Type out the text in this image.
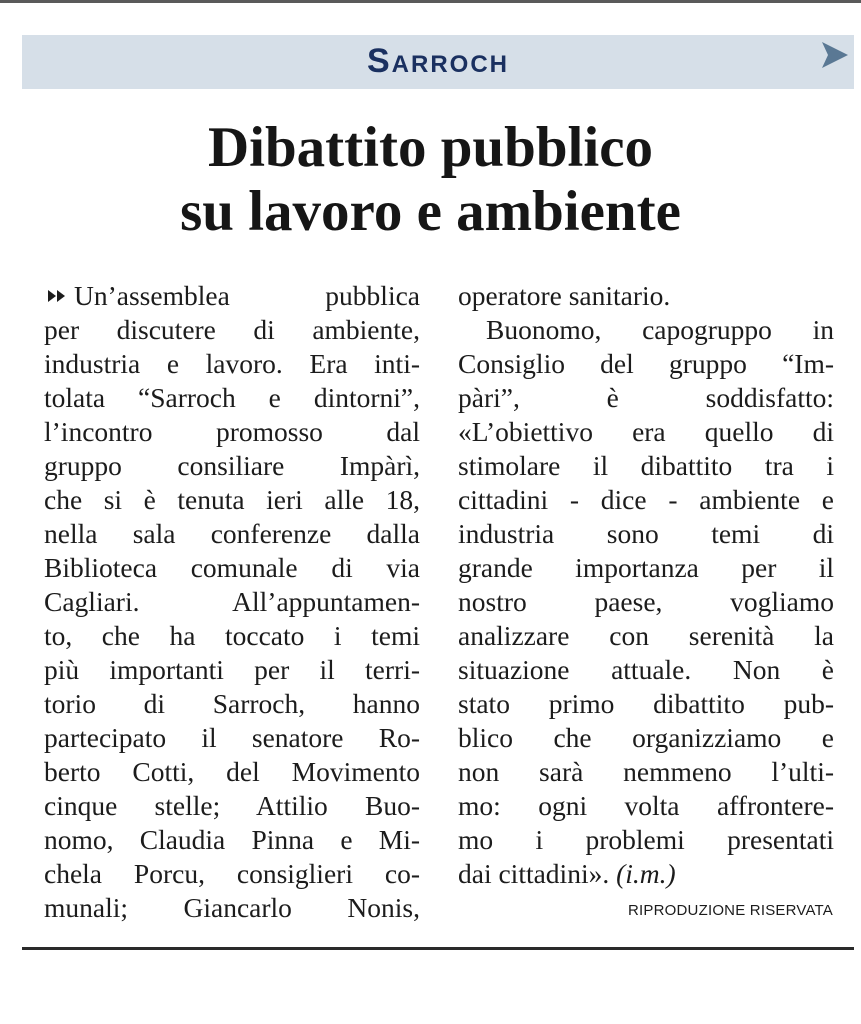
Sarroch
Dibattito pubblico
su lavoro e ambiente
Un’assemblea pubblica
per discutere di ambiente,
industria e lavoro. Era inti-
tolata “Sarroch e dintorni”,
l’incontro promosso dal
gruppo consiliare Impàrì,
che si è tenuta ieri alle 18,
nella sala conferenze dalla
Biblioteca comunale di via
Cagliari. All’appuntamen-
to, che ha toccato i temi
più importanti per il terri-
torio di Sarroch, hanno
partecipato il senatore Ro-
berto Cotti, del Movimento
cinque stelle; Attilio Buo-
nomo, Claudia Pinna e Mi-
chela Porcu, consiglieri co-
munali; Giancarlo Nonis,
operatore sanitario.
Buonomo, capogruppo in
Consiglio del gruppo “Im-
pàri”, è soddisfatto:
«L’obiettivo era quello di
stimolare il dibattito tra i
cittadini - dice - ambiente e
industria sono temi di
grande importanza per il
nostro paese, vogliamo
analizzare con serenità la
situazione attuale. Non è
stato primo dibattito pub-
blico che organizziamo e
non sarà nemmeno l’ulti-
mo: ogni volta affrontere-
mo i problemi presentati
dai cittadini». (i.m.)
RIPRODUZIONE RISERVATA
